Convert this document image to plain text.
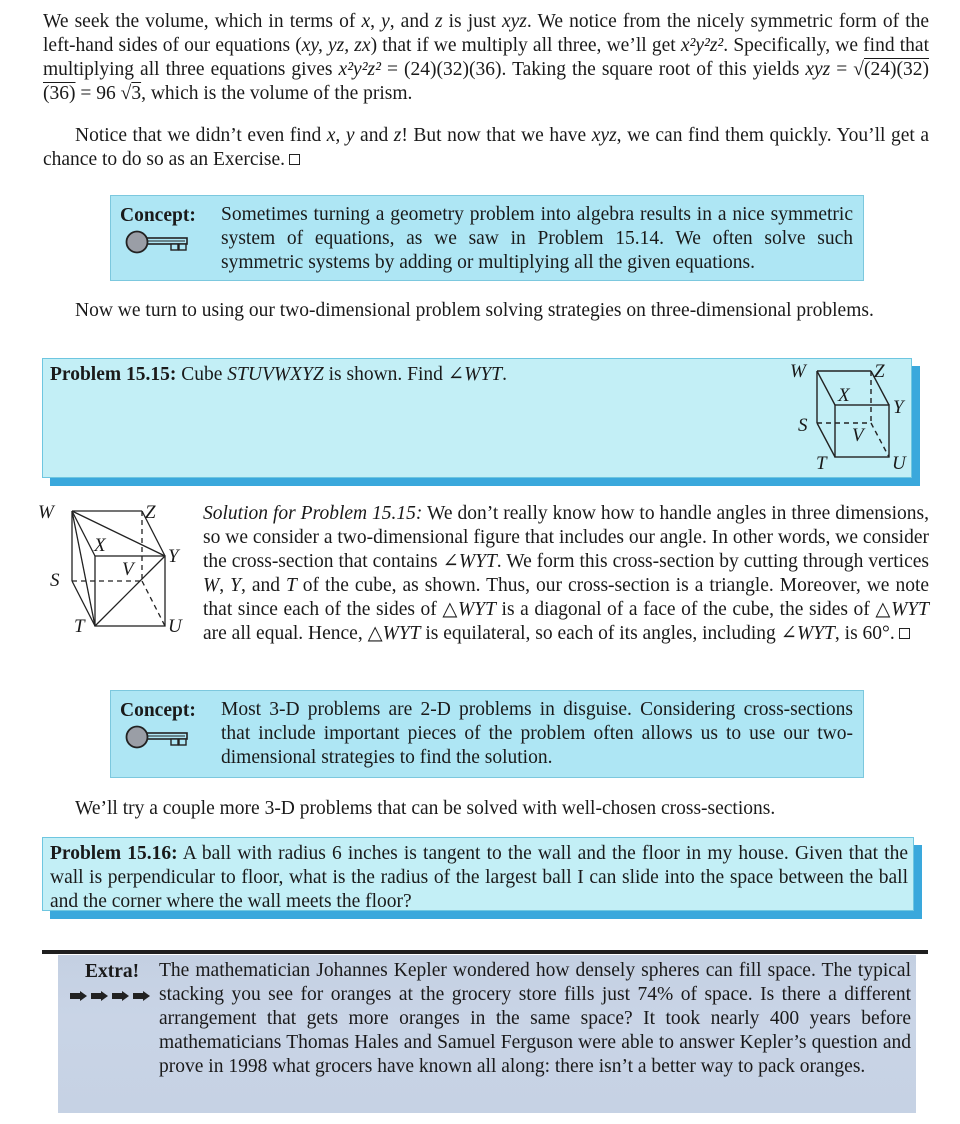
We seek the volume, which in terms of x, y, and z is just xyz. We notice from the nicely symmetric form of the left-hand sides of our equations (xy, yz, zx) that if we multiply all three, we’ll get x²y²z². Specifically, we find that multiplying all three equations gives x²y²z² = (24)(32)(36). Taking the square root of this yields xyz = √(24)(32)(36) = 96 √3, which is the volume of the prism.
Notice that we didn’t even find x, y and z! But now that we have xyz, we can find them quickly. You’ll get a chance to do so as an Exercise.
Concept: Sometimes turning a geometry problem into algebra results in a nice symmetric system of equations, as we saw in Problem 15.14. We often solve such symmetric systems by adding or multiplying all the given equations.
Now we turn to using our two-dimensional problem solving strategies on three-dimensional problems.
Problem 15.15: Cube STUVWXYZ is shown. Find ∠WYT.	W	Z
X
Y
S V
T	U
W	Z
X
Y
S
V
T	U
Solution for Problem 15.15: We don’t really know how to handle angles in three dimensions, so we consider a two-dimensional figure that includes our angle. In other words, we consider the cross-section that contains ∠WYT. We form this cross-section by cutting through vertices W, Y, and T of the cube, as shown. Thus, our cross-section is a triangle. Moreover, we note that since each of the sides of △WYT is a diagonal of a face of the cube, the sides of △WYT are all equal. Hence, △WYT is equilateral, so each of its angles, including ∠WYT, is 60°.
Concept: Most 3-D problems are 2-D problems in disguise. Considering cross-sections that include important pieces of the problem often allows us to use our two-dimensional strategies to find the solution.
We’ll try a couple more 3-D problems that can be solved with well-chosen cross-sections.
Problem 15.16: A ball with radius 6 inches is tangent to the wall and the floor in my house. Given that the wall is perpendicular to floor, what is the radius of the largest ball I can slide into the space between the ball and the corner where the wall meets the floor?
Extra! The mathematician Johannes Kepler wondered how densely spheres can fill space. The typical stacking you see for oranges at the grocery store fills just 74% of space. Is there a different arrangement that gets more oranges in the same space? It took nearly 400 years before mathematicians Thomas Hales and Samuel Ferguson were able to answer Kepler’s question and prove in 1998 what grocers have known all along: there isn’t a better way to pack oranges.
